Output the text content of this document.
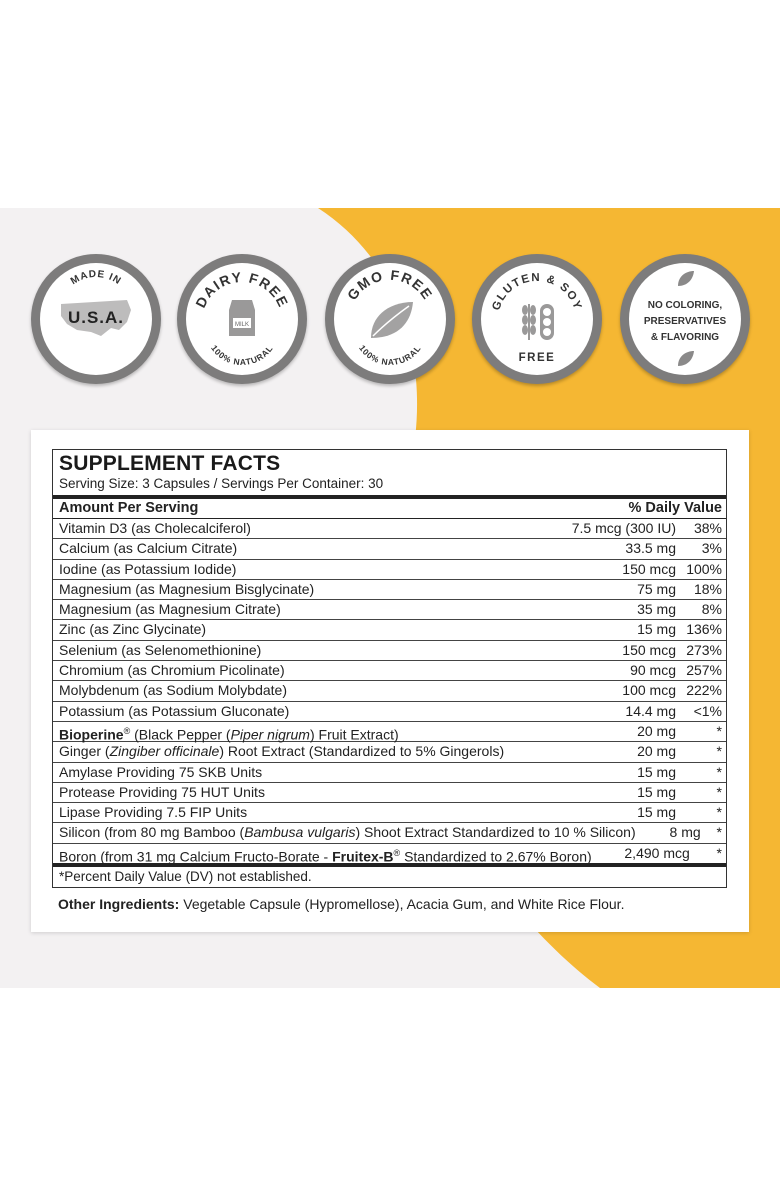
MADE IN
U.S.A.
DAIRY FREE
MILK
100% NATURAL
GMO FREE
100% NATURAL
GLUTEN & SOY
FREE
NO COLORING,
PRESERVATIVES
& FLAVORING
SUPPLEMENT FACTS
Serving Size: 3 Capsules / Servings Per Container: 30
Amount Per Serving	% Daily Value
Vitamin D3 (as Cholecalciferol)	7.5 mcg (300 IU)	38%
Calcium (as Calcium Citrate)	33.5 mg	3%
Iodine (as Potassium Iodide)	150 mcg 100%
Magnesium (as Magnesium Bisglycinate)	75 mg	18%
Magnesium (as Magnesium Citrate)	35 mg	8%
Zinc (as Zinc Glycinate)	15 mg 136%
Selenium (as Selenomethionine)	150 mcg 273%
Chromium (as Chromium Picolinate)	90 mcg 257%
Molybdenum (as Sodium Molybdate)	100 mcg 222%
Potassium (as Potassium Gluconate)	14.4 mg	<1%
Bioperine® (Black Pepper (Piper nigrum) Fruit Extract)	20 mg	*
Ginger (Zingiber officinale) Root Extract (Standardized to 5% Gingerols)	20 mg	*
Amylase Providing 75 SKB Units	15 mg	*
Protease Providing 75 HUT Units	15 mg	*
Lipase Providing 7.5 FIP Units	15 mg	*
Silicon (from 80 mg Bamboo (Bambusa vulgaris) Shoot Extract Standardized to 10 % Silicon)	8 mg	*
Boron (from 31 mg Calcium Fructo-Borate - Fruitex-B® Standardized to 2.67% Boron)	2,490 mcg	*
*Percent Daily Value (DV) not established.
Other Ingredients: Vegetable Capsule (Hypromellose), Acacia Gum, and White Rice Flour.
